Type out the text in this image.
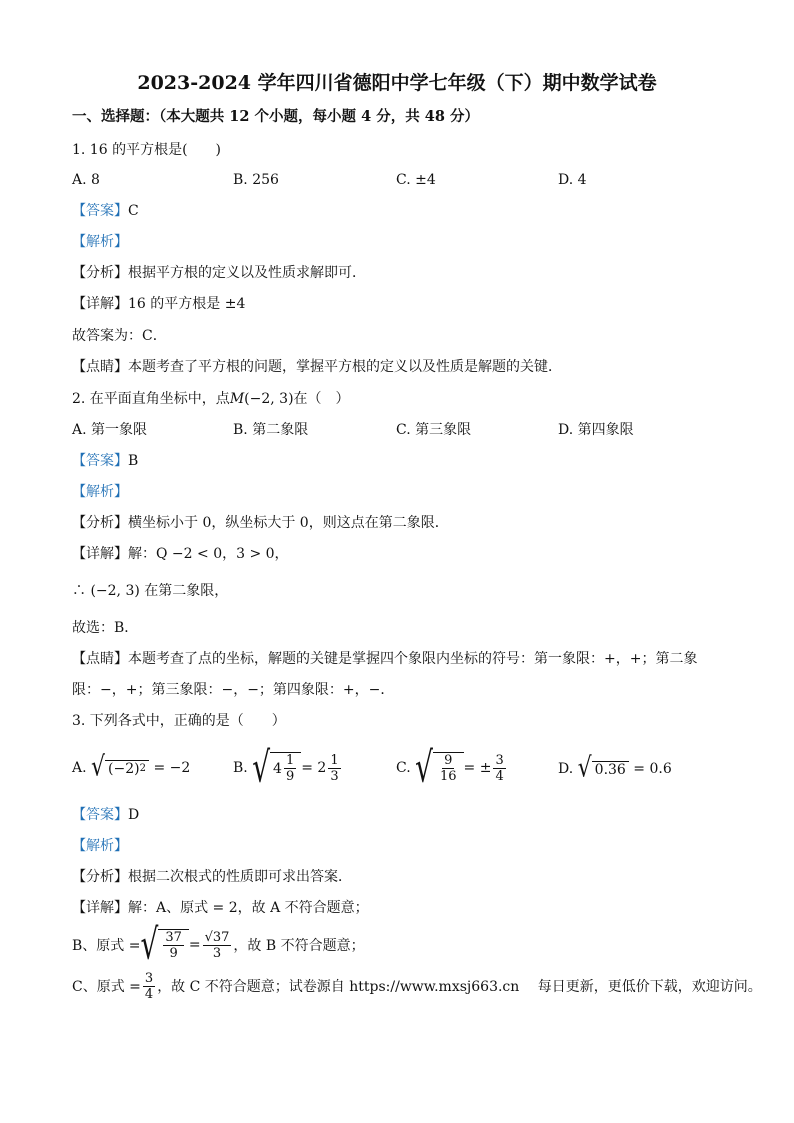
2023-2024 学年四川省德阳中学七年级（下）期中数学试卷
一、选择题：（本大题共 12 个小题，每小题 4 分，共 48 分）
1. 16 的平方根是(　　)
A. 8	B. 256	C. ±4	D. 4
【答案】C
【解析】
【分析】根据平方根的定义以及性质求解即可．
【详解】16 的平方根是 ±4
故答案为：C．
【点睛】本题考查了平方根的问题，掌握平方根的定义以及性质是解题的关键．
2. 在平面直角坐标中，点M(−2, 3)在（　）
A. 第一象限	B. 第二象限	C. 第三象限	D. 第四象限
【答案】B
【解析】
【分析】横坐标小于 0，纵坐标大于 0，则这点在第二象限．
【详解】解：Q −2 < 0，3 > 0，
∴ (−2, 3) 在第二象限，
故选：B．
【点睛】本题考查了点的坐标，解题的关键是掌握四个象限内坐标的符号：第一象限：+，+；第二象
限：−，+；第三象限：−，−；第四象限：+，−．
3. 下列各式中，正确的是（　　）
A.
√ (−2) 2
= −2	B.
√ $4 \frac{1}{9} = 2 \frac{1}{3}$	C.
√ $\frac{9}{16}$ = ± $\frac{3}{4}$	D.
√ 0.36
= 0.6
【答案】D
【解析】
【分析】根据二次根式的性质即可求出答案．
【详解】解：A、原式 = 2，故 A 不符合题意；
B、原式 = √ $\frac{37}{9} = \frac{√37}{3}$ ，故 B 不符合题意；
C、原式 = $\frac{3}{4}$ ，故 C 不符合题意；试卷源自 https://www.mxsj663.cn　 每日更新，更低价下载，欢迎访问。
